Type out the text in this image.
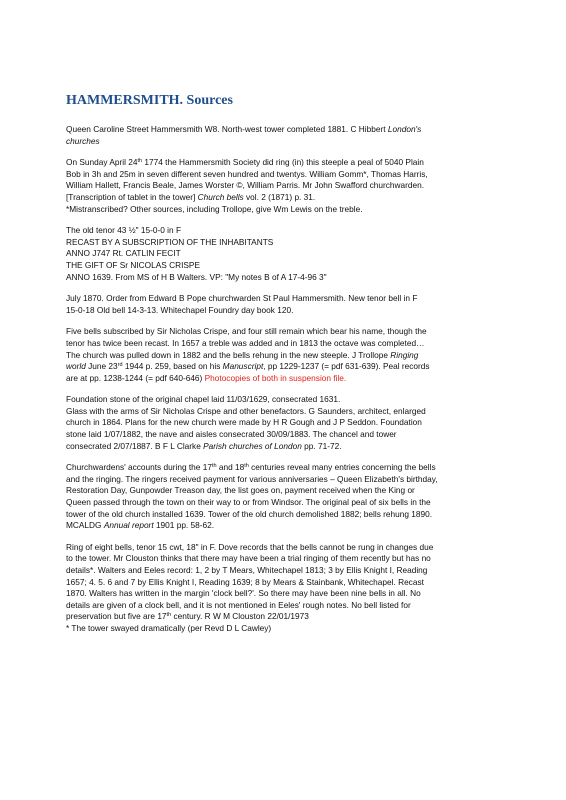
HAMMERSMITH. Sources
Queen Caroline Street Hammersmith W8. North-west tower completed 1881. C Hibbert London's
churches
On Sunday April 24th 1774 the Hammersmith Society did ring (in) this steeple a peal of 5040 Plain
Bob in 3h and 25m in seven different seven hundred and twentys. William Gomm*, Thomas Harris,
William Hallett, Francis Beale, James Worster ©, William Parris. Mr John Swafford churchwarden.
[Transcription of tablet in the tower] Church bells vol. 2 (1871) p. 31.
*Mistranscribed? Other sources, including Trollope, give Wm Lewis on the treble.
The old tenor 43 ½" 15-0-0 in F
RECAST BY A SUBSCRIPTION OF THE INHABITANTS
ANNO J747 Rt. CATLIN FECIT
THE GIFT OF Sr NICOLAS CRISPE
ANNO 1639. From MS of H B Walters. VP: "My notes B of A 17-4-96 3"
July 1870. Order from Edward B Pope churchwarden St Paul Hammersmith. New tenor bell in F
15-0-18 Old bell 14-3-13. Whitechapel Foundry day book 120.
Five bells subscribed by Sir Nicholas Crispe, and four still remain which bear his name, though the
tenor has twice been recast. In 1657 a treble was added and in 1813 the octave was completed…
The church was pulled down in 1882 and the bells rehung in the new steeple. J Trollope Ringing
world June 23rd 1944 p. 259, based on his Manuscript, pp 1229-1237 (= pdf 631-639). Peal records
are at pp. 1238-1244 (= pdf 640-646) Photocopies of both in suspension file.
Foundation stone of the original chapel laid 11/03/1629, consecrated 1631.
Glass with the arms of Sir Nicholas Crispe and other benefactors. G Saunders, architect, enlarged
church in 1864. Plans for the new church were made by H R Gough and J P Seddon. Foundation
stone laid 1/07/1882, the nave and aisles consecrated 30/09/1883. The chancel and tower
consecrated 2/07/1887. B F L Clarke Parish churches of London pp. 71-72.
Churchwardens' accounts during the 17th and 18th centuries reveal many entries concerning the bells
and the ringing. The ringers received payment for various anniversaries – Queen Elizabeth's birthday,
Restoration Day, Gunpowder Treason day, the list goes on, payment received when the King or
Queen passed through the town on their way to or from Windsor. The original peal of six bells in the
tower of the old church installed 1639. Tower of the old church demolished 1882; bells rehung 1890.
MCALDG Annual report 1901 pp. 58-62.
Ring of eight bells, tenor 15 cwt, 18" in F. Dove records that the bells cannot be rung in changes due
to the tower. Mr Clouston thinks that there may have been a trial ringing of them recently but has no
details*. Walters and Eeles record: 1, 2 by T Mears, Whitechapel 1813; 3 by Ellis Knight I, Reading
1657; 4. 5. 6 and 7 by Ellis Knight I, Reading 1639; 8 by Mears & Stainbank, Whitechapel. Recast
1870. Walters has written in the margin 'clock bell?'. So there may have been nine bells in all. No
details are given of a clock bell, and it is not mentioned in Eeles' rough notes. No bell listed for
preservation but five are 17th century. R W M Clouston 22/01/1973
* The tower swayed dramatically (per Revd D L Cawley)
